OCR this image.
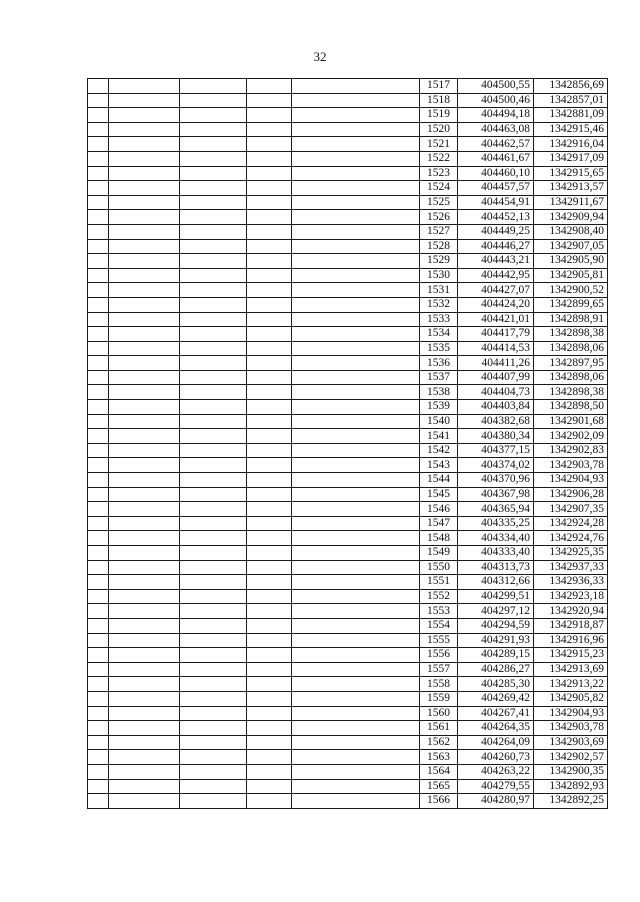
32
					1517	404500,55	1342856,69
					1518	404500,46	1342857,01
					1519	404494,18	1342881,09
					1520	404463,08	1342915,46
					1521	404462,57	1342916,04
					1522	404461,67	1342917,09
					1523	404460,10	1342915,65
					1524	404457,57	1342913,57
					1525	404454,91	1342911,67
					1526	404452,13	1342909,94
					1527	404449,25	1342908,40
					1528	404446,27	1342907,05
					1529	404443,21	1342905,90
					1530	404442,95	1342905,81
					1531	404427,07	1342900,52
					1532	404424,20	1342899,65
					1533	404421,01	1342898,91
					1534	404417,79	1342898,38
					1535	404414,53	1342898,06
					1536	404411,26	1342897,95
					1537	404407,99	1342898,06
					1538	404404,73	1342898,38
					1539	404403,84	1342898,50
					1540	404382,68	1342901,68
					1541	404380,34	1342902,09
					1542	404377,15	1342902,83
					1543	404374,02	1342903,78
					1544	404370,96	1342904,93
					1545	404367,98	1342906,28
					1546	404365,94	1342907,35
					1547	404335,25	1342924,28
					1548	404334,40	1342924,76
					1549	404333,40	1342925,35
					1550	404313,73	1342937,33
					1551	404312,66	1342936,33
					1552	404299,51	1342923,18
					1553	404297,12	1342920,94
					1554	404294,59	1342918,87
					1555	404291,93	1342916,96
					1556	404289,15	1342915,23
					1557	404286,27	1342913,69
					1558	404285,30	1342913,22
					1559	404269,42	1342905,82
					1560	404267,41	1342904,93
					1561	404264,35	1342903,78
					1562	404264,09	1342903,69
					1563	404260,73	1342902,57
					1564	404263,22	1342900,35
					1565	404279,55	1342892,93
					1566	404280,97	1342892,25
